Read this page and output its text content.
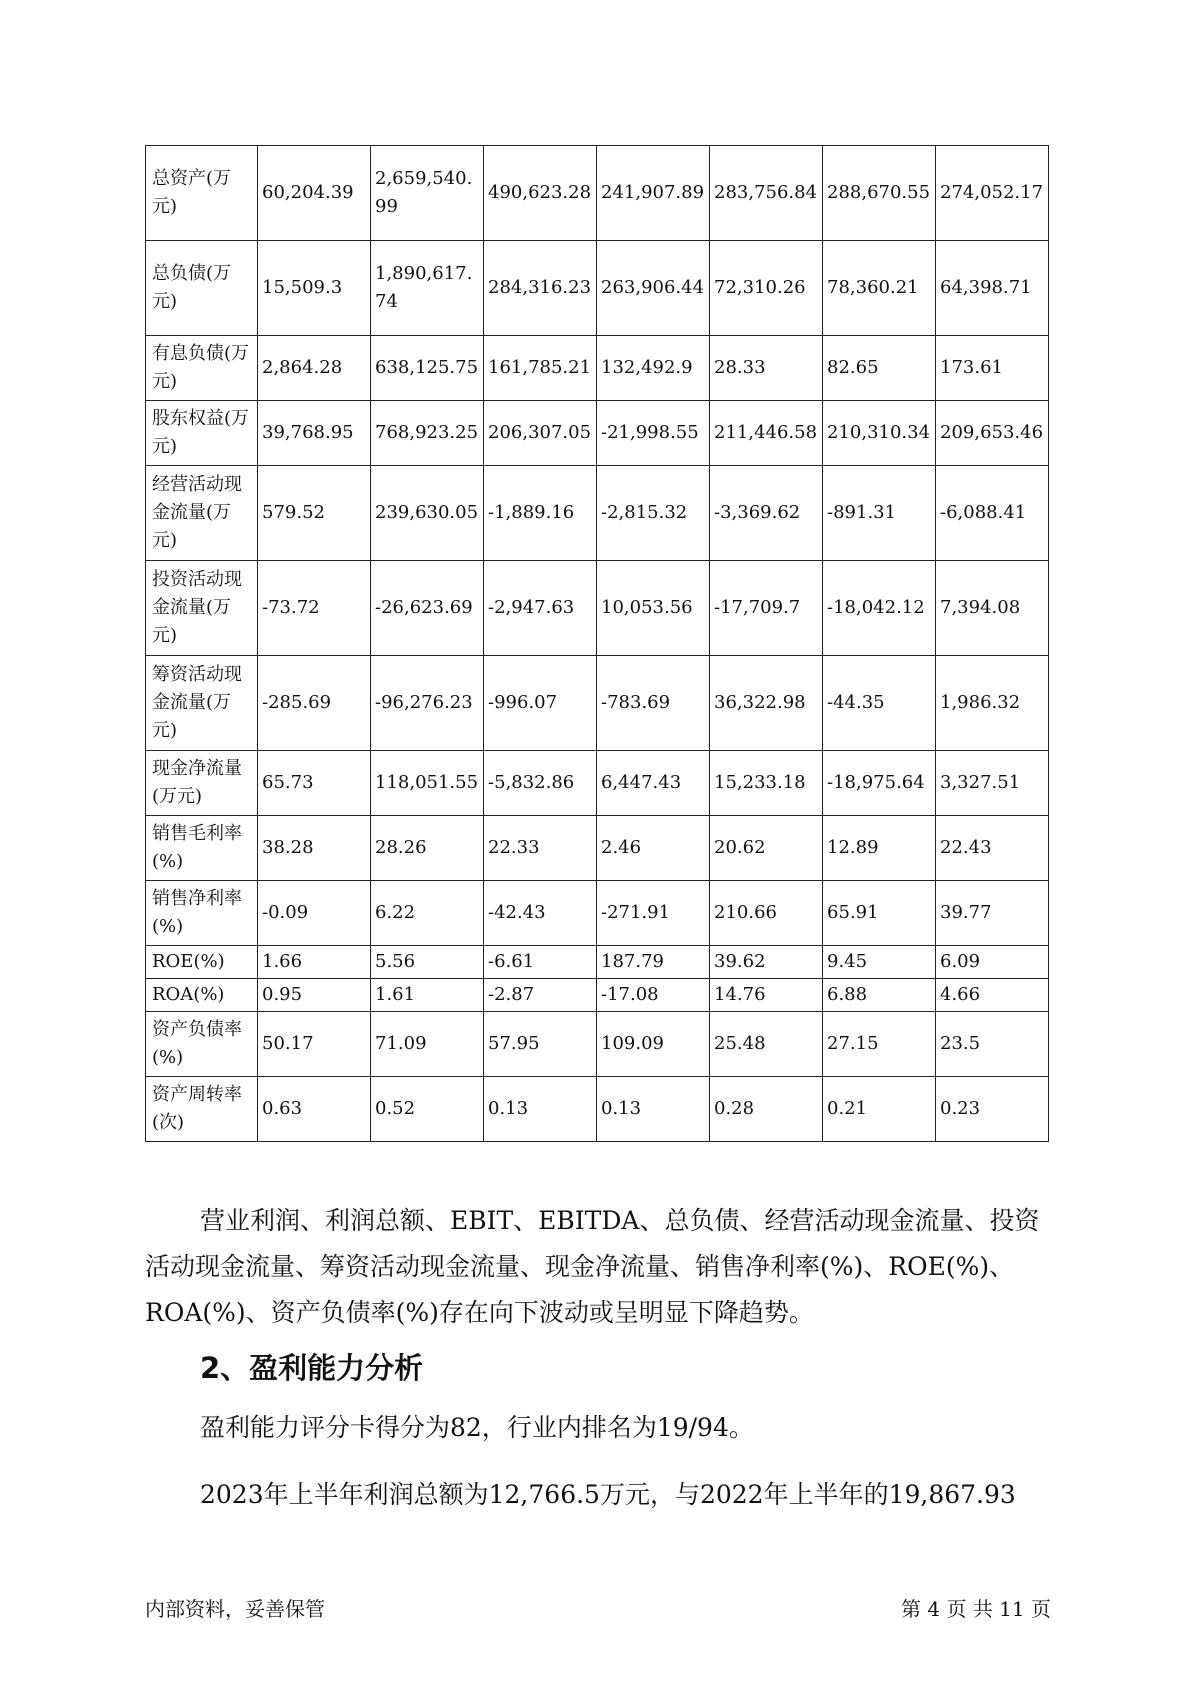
总资产(万元)	60,204.39	2,659,540.99	490,623.28	241,907.89	283,756.84	288,670.55	274,052.17
总负债(万元)	15,509.3	1,890,617.74	284,316.23	263,906.44	72,310.26	78,360.21	64,398.71
有息负债(万元)	2,864.28	638,125.75	161,785.21	132,492.9	28.33	82.65	173.61
股东权益(万元)	39,768.95	768,923.25	206,307.05	-21,998.55	211,446.58	210,310.34	209,653.46
经营活动现金流量(万元)	579.52	239,630.05	-1,889.16	-2,815.32	-3,369.62	-891.31	-6,088.41
投资活动现金流量(万元)	-73.72	-26,623.69	-2,947.63	10,053.56	-17,709.7	-18,042.12	7,394.08
筹资活动现金流量(万元)	-285.69	-96,276.23	-996.07	-783.69	36,322.98	-44.35	1,986.32
现金净流量(万元)	65.73	118,051.55	-5,832.86	6,447.43	15,233.18	-18,975.64	3,327.51
销售毛利率(%)	38.28	28.26	22.33	2.46	20.62	12.89	22.43
销售净利率(%)	-0.09	6.22	-42.43	-271.91	210.66	65.91	39.77
ROE(%)	1.66	5.56	-6.61	187.79	39.62	9.45	6.09
ROA(%)	0.95	1.61	-2.87	-17.08	14.76	6.88	4.66
资产负债率(%)	50.17	71.09	57.95	109.09	25.48	27.15	23.5
资产周转率(次)	0.63	0.52	0.13	0.13	0.28	0.21	0.23
营业利润、利润总额、EBIT、EBITDA、总负债、经营活动现金流量、投资活动现金流量、筹资活动现金流量、现金净流量、销售净利率(%)、ROE(%)、ROA(%)、资产负债率(%)存在向下波动或呈明显下降趋势。
2、盈利能力分析
盈利能力评分卡得分为82，行业内排名为19/94。
2023年上半年利润总额为12,766.5万元，与2022年上半年的19,867.93
内部资料，妥善保管	第 4 页 共 11 页
